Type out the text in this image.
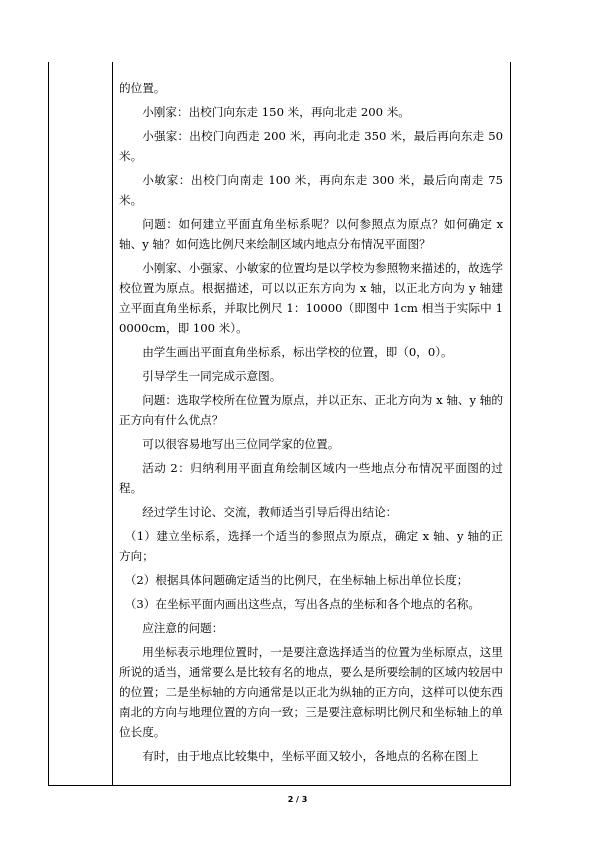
的位置。

小刚家：出校门向东走 150 米，再向北走 200 米。

小强家：出校门向西走 200 米，再向北走 350 米，最后再向东走 50 米。

小敏家：出校门向南走 100 米，再向东走 300 米，最后向南走 75 米。

问题：如何建立平面直角坐标系呢？以何参照点为原点？如何确定 x 轴、y 轴？如何选比例尺来绘制区域内地点分布情况平面图？

小刚家、小强家、小敏家的位置均是以学校为参照物来描述的，故选学校位置为原点。根据描述，可以以正东方向为 x 轴，以正北方向为 y 轴建立平面直角坐标系，并取比例尺 1：10000（即图中 1cm 相当于实际中 10000cm，即 100 米）。

由学生画出平面直角坐标系，标出学校的位置，即（0，0）。

引导学生一同完成示意图。

问题：选取学校所在位置为原点，并以正东、正北方向为 x 轴、y 轴的正方向有什么优点？

可以很容易地写出三位同学家的位置。

活动 2：归纳利用平面直角绘制区域内一些地点分布情况平面图的过程。

经过学生讨论、交流，教师适当引导后得出结论：

（1）建立坐标系，选择一个适当的参照点为原点，确定 x 轴、y 轴的正方向；

（2）根据具体问题确定适当的比例尺，在坐标轴上标出单位长度；

（3）在坐标平面内画出这些点，写出各点的坐标和各个地点的名称。

应注意的问题：

用坐标表示地理位置时，一是要注意选择适当的位置为坐标原点，这里所说的适当，通常要么是比较有名的地点，要么是所要绘制的区域内较居中的位置；二是坐标轴的方向通常是以正北为纵轴的正方向，这样可以使东西南北的方向与地理位置的方向一致；三是要注意标明比例尺和坐标轴上的单位长度。

有时，由于地点比较集中，坐标平面又较小，各地点的名称在图上

2 / 3
